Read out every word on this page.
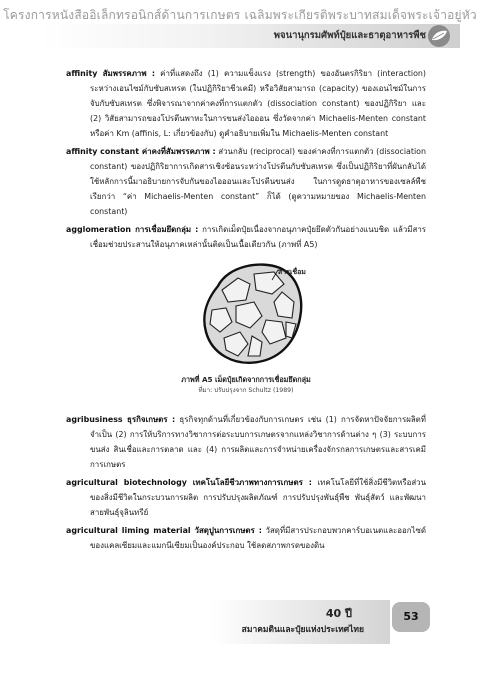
โครงการหนังสืออิเล็กทรอนิกส์ด้านการเกษตร เฉลิมพระเกียรติพระบาทสมเด็จพระเจ้าอยู่หัว
พจนานุกรมศัพท์ปุ๋ยและธาตุอาหารพืช
affinity สัมพรรคภาพ : ค่าที่แสดงถึง (1) ความแข็งแรง (strength) ของอันตรกิริยา (interaction) ระหว่างเอนไซม์กับซับสเทรต (ในปฏิกิริยาชีวเคมี) หรือวิสัยสามารถ (capacity) ของเอนไซม์ในการจับกับซับสเทรต ซึ่งพิจารณาจากค่าคงที่การแตกตัว (dissociation constant) ของปฏิกิริยา และ (2) วิสัยสามารถของโปรตีนพาหะในการขนส่งไอออน ซึ่งวัดจากค่า Michaelis-Menten constant หรือค่า Km (affinis, L: เกี่ยวข้องกับ) ดูคำอธิบายเพิ่มใน Michaelis-Menten constant
affinity constant ค่าคงที่สัมพรรคภาพ : ส่วนกลับ (reciprocal) ของค่าคงที่การแตกตัว (dissociation constant) ของปฏิกิริยาการเกิดสารเชิงซ้อนระหว่างโปรตีนกับซับสเทรต ซึ่งเป็นปฏิกิริยาที่ผันกลับได้ ใช้หลักการนี้มาอธิบายการจับกันของไอออนและโปรตีนขนส่ง ในการดูดธาตุอาหารของเซลล์พืช เรียกว่า “ค่า Michaelis-Menten constant” ก็ได้ (ดูความหมายของ Michaelis-Menten constant)
agglomeration การเชื่อมยึดกลุ่ม : การเกิดเม็ดปุ๋ยเนื่องจากอนุภาคปุ๋ยยึดตัวกันอย่างแนบชิด แล้วมีสารเชื่อมช่วยประสานให้อนุภาคเหล่านั้นติดเป็นเนื้อเดียวกัน (ภาพที่ A5)
สารเชื่อม
ภาพที่ A5 เม็ดปุ๋ยเกิดจากการเชื่อมยึดกลุ่ม
ที่มา: ปรับปรุงจาก Schultz (1989)
agribusiness ธุรกิจเกษตร : ธุรกิจทุกด้านที่เกี่ยวข้องกับการเกษตร เช่น (1) การจัดหาปัจจัยการผลิตที่จำเป็น (2) การให้บริการทางวิชาการต่อระบบการเกษตรจากแหล่งวิชาการด้านต่าง ๆ (3) ระบบการขนส่ง สินเชื่อและการตลาด และ (4) การผลิตและการจำหน่ายเครื่องจักรกลการเกษตรและสารเคมีการเกษตร
agricultural biotechnology เทคโนโลยีชีวภาพทางการเกษตร : เทคโนโลยีที่ใช้สิ่งมีชีวิตหรือส่วนของสิ่งมีชีวิตในกระบวนการผลิต การปรับปรุงผลิตภัณฑ์ การปรับปรุงพันธุ์พืช พันธุ์สัตว์ และพัฒนาสายพันธุ์จุลินทรีย์
agricultural liming material วัสดุปูนการเกษตร : วัสดุที่มีสารประกอบพวกคาร์บอเนตและออกไซด์ของแคลเซียมและแมกนีเซียมเป็นองค์ประกอบ ใช้ลดสภาพกรดของดิน
40 ปี
สมาคมดินและปุ๋ยแห่งประเทศไทย
53
